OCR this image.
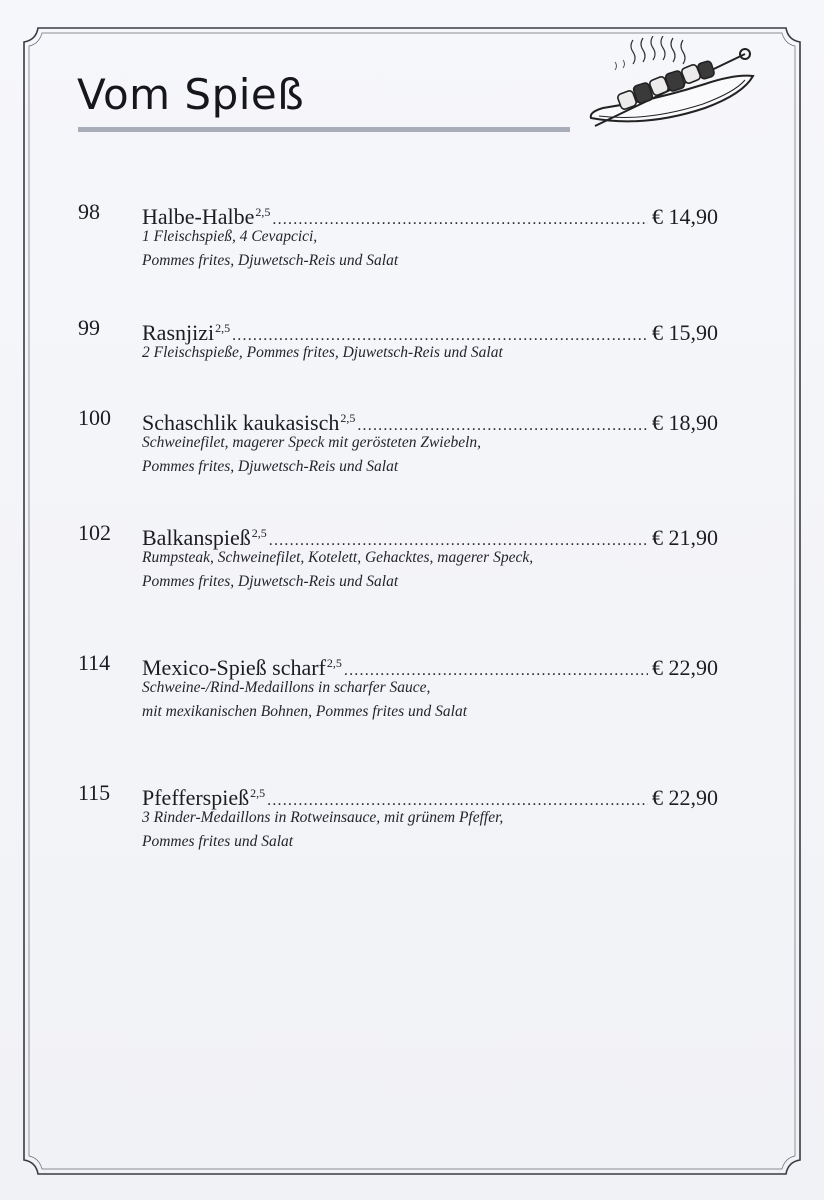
Vom Spieß
98 Halbe-Halbe$^{2,5}$ .....	€ 14,90
1 Fleischspieß, 4 Cevapcici,
Pommes frites, Djuwetsch-Reis und Salat
99 Rasnjizi$^{2,5}$ .....	€ 15,90
2 Fleischspieße, Pommes frites, Djuwetsch-Reis und Salat
100 Schaschlik kaukasisch$^{2,5}$ .....	€ 18,90
Schweinefilet, magerer Speck mit gerösteten Zwiebeln,
Pommes frites, Djuwetsch-Reis und Salat
102 Balkanspieß$^{2,5}$ .....	€ 21,90
Rumpsteak, Schweinefilet, Kotelett, Gehacktes, magerer Speck,
Pommes frites, Djuwetsch-Reis und Salat
114 Mexico-Spieß scharf$^{2,5}$ .....	€ 22,90
Schweine-/Rind-Medaillons in scharfer Sauce,
mit mexikanischen Bohnen, Pommes frites und Salat
115 Pfefferspieß$^{2,5}$ .....	€ 22,90
3 Rinder-Medaillons in Rotweinsauce, mit grünem Pfeffer,
Pommes frites und Salat
